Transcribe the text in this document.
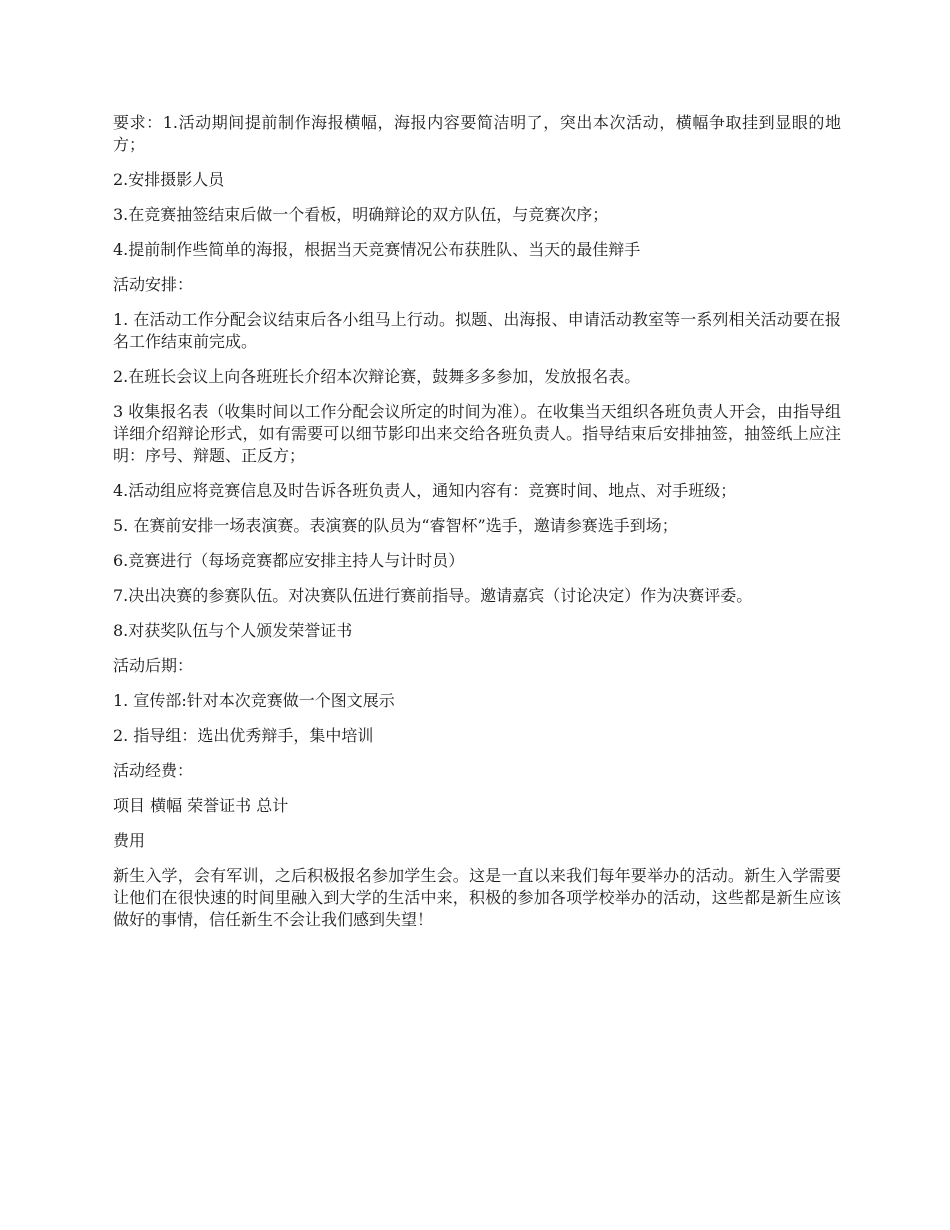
要求：1.活动期间提前制作海报横幅，海报内容要简洁明了，突出本次活动，横幅争取挂到显眼的地方；

2.安排摄影人员

3.在竞赛抽签结束后做一个看板，明确辩论的双方队伍，与竞赛次序；

4.提前制作些简单的海报，根据当天竞赛情况公布获胜队、当天的最佳辩手

活动安排：

1. 在活动工作分配会议结束后各小组马上行动。拟题、出海报、申请活动教室等一系列相关活动要在报名工作结束前完成。

2.在班长会议上向各班班长介绍本次辩论赛，鼓舞多多参加，发放报名表。

3 收集报名表（收集时间以工作分配会议所定的时间为准）。在收集当天组织各班负责人开会，由指导组详细介绍辩论形式，如有需要可以细节影印出来交给各班负责人。指导结束后安排抽签，抽签纸上应注明：序号、辩题、正反方；

4.活动组应将竞赛信息及时告诉各班负责人，通知内容有：竞赛时间、地点、对手班级；

5. 在赛前安排一场表演赛。表演赛的队员为“睿智杯”选手，邀请参赛选手到场；

6.竞赛进行（每场竞赛都应安排主持人与计时员）

7.决出决赛的参赛队伍。对决赛队伍进行赛前指导。邀请嘉宾（讨论决定）作为决赛评委。

8.对获奖队伍与个人颁发荣誉证书

活动后期：

1. 宣传部:针对本次竞赛做一个图文展示

2. 指导组：选出优秀辩手，集中培训

活动经费：

项目 横幅 荣誉证书 总计

费用

新生入学，会有军训，之后积极报名参加学生会。这是一直以来我们每年要举办的活动。新生入学需要让他们在很快速的时间里融入到大学的生活中来，积极的参加各项学校举办的活动，这些都是新生应该做好的事情，信任新生不会让我们感到失望！
